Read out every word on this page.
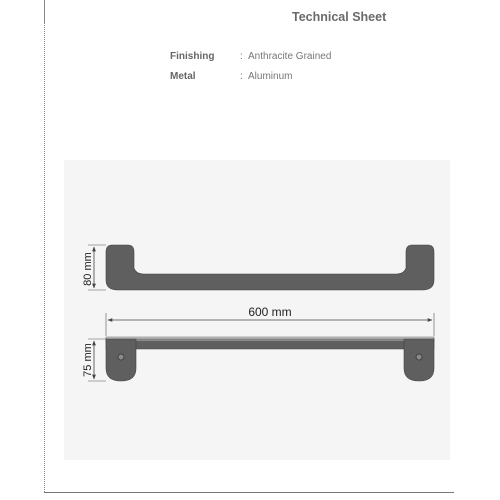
Technical Sheet
Finishing	: Anthracite Grained
Metal	: Aluminum
80 mm
600 mm
75 mm
